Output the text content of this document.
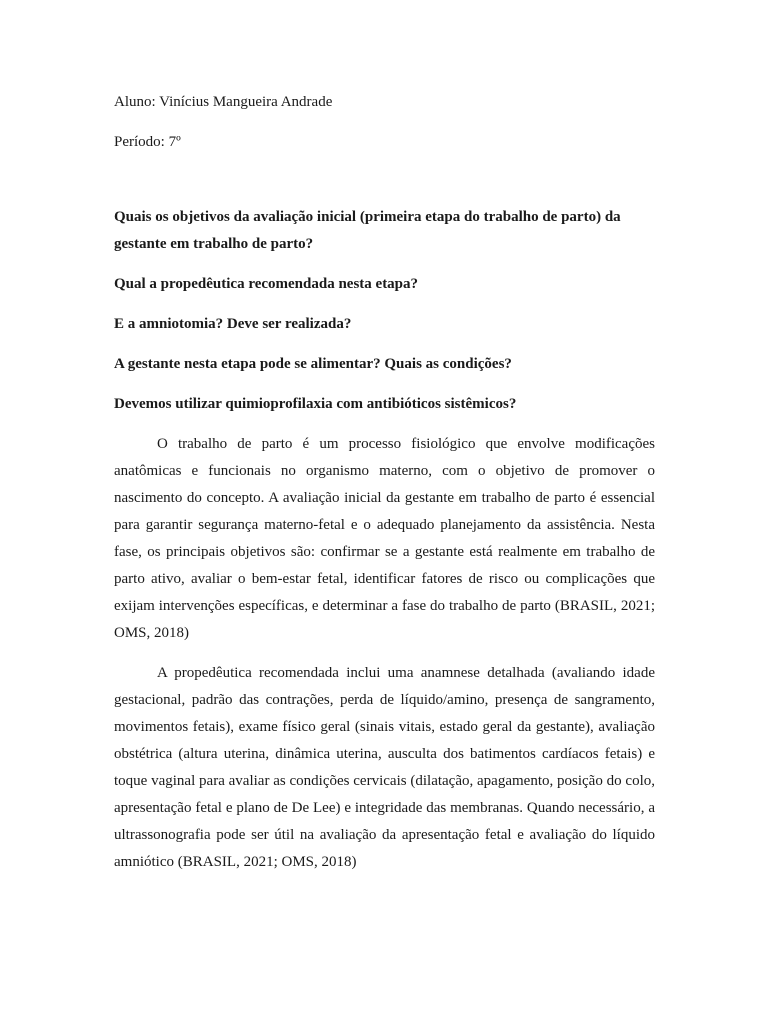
Aluno: Vinícius Mangueira Andrade

Período: 7º

Quais os objetivos da avaliação inicial (primeira etapa do trabalho de parto) da gestante em trabalho de parto?

Qual a propedêutica recomendada nesta etapa?

E a amniotomia? Deve ser realizada?

A gestante nesta etapa pode se alimentar? Quais as condições?

Devemos utilizar quimioprofilaxia com antibióticos sistêmicos?

O trabalho de parto é um processo fisiológico que envolve modificações anatômicas e funcionais no organismo materno, com o objetivo de promover o nascimento do concepto. A avaliação inicial da gestante em trabalho de parto é essencial para garantir segurança materno-fetal e o adequado planejamento da assistência. Nesta fase, os principais objetivos são: confirmar se a gestante está realmente em trabalho de parto ativo, avaliar o bem-estar fetal, identificar fatores de risco ou complicações que exijam intervenções específicas, e determinar a fase do trabalho de parto (BRASIL, 2021; OMS, 2018)

A propedêutica recomendada inclui uma anamnese detalhada (avaliando idade gestacional, padrão das contrações, perda de líquido/amino, presença de sangramento, movimentos fetais), exame físico geral (sinais vitais, estado geral da gestante), avaliação obstétrica (altura uterina, dinâmica uterina, ausculta dos batimentos cardíacos fetais) e toque vaginal para avaliar as condições cervicais (dilatação, apagamento, posição do colo, apresentação fetal e plano de De Lee) e integridade das membranas. Quando necessário, a ultrassonografia pode ser útil na avaliação da apresentação fetal e avaliação do líquido amniótico (BRASIL, 2021; OMS, 2018)
